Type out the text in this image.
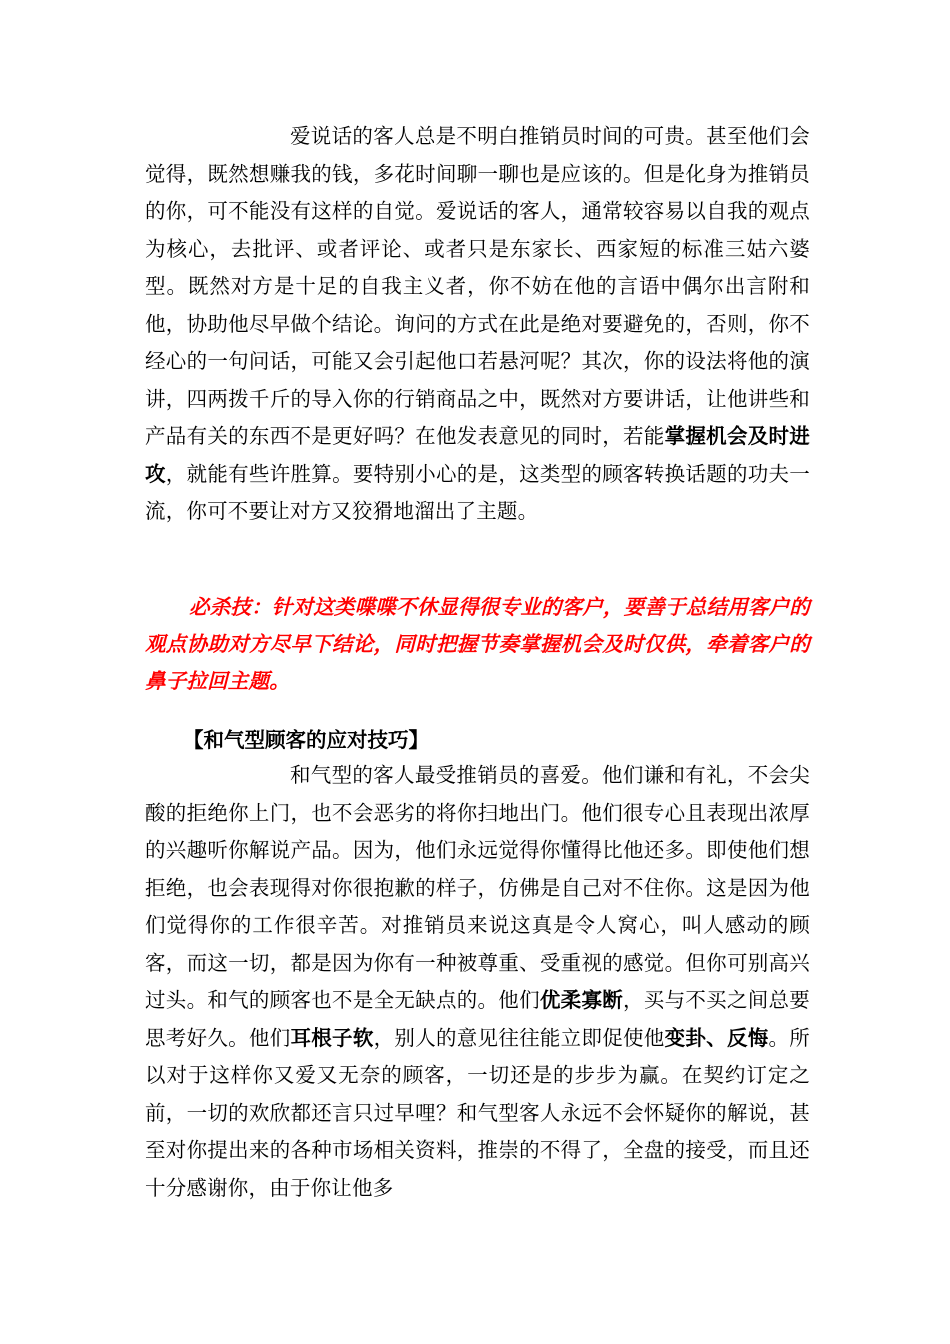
爱说话的客人总是不明白推销员时间的可贵。甚至他们会觉得，既然想赚我的钱，多花时间聊一聊也是应该的。但是化身为推销员的你，可不能没有这样的自觉。爱说话的客人，通常较容易以自我的观点为核心，去批评、或者评论、或者只是东家长、西家短的标准三姑六婆型。既然对方是十足的自我主义者，你不妨在他的言语中偶尔出言附和他，协助他尽早做个结论。询问的方式在此是绝对要避免的，否则，你不经心的一句问话，可能又会引起他口若悬河呢？其次，你的设法将他的演讲，四两拨千斤的导入你的行销商品之中，既然对方要讲话，让他讲些和产品有关的东西不是更好吗？在他发表意见的同时，若能掌握机会及时进攻，就能有些许胜算。要特别小心的是，这类型的顾客转换话题的功夫一流，你可不要让对方又狡猾地溜出了主题。

必杀技：针对这类喋喋不休显得很专业的客户，要善于总结用客户的观点协助对方尽早下结论，同时把握节奏掌握机会及时仅供，牵着客户的鼻子拉回主题。

【和气型顾客的应对技巧】

和气型的客人最受推销员的喜爱。他们谦和有礼，不会尖酸的拒绝你上门，也不会恶劣的将你扫地出门。他们很专心且表现出浓厚的兴趣听你解说产品。因为，他们永远觉得你懂得比他还多。即使他们想拒绝，也会表现得对你很抱歉的样子，仿佛是自己对不住你。这是因为他们觉得你的工作很辛苦。对推销员来说这真是令人窝心，叫人感动的顾客，而这一切，都是因为你有一种被尊重、受重视的感觉。但你可别高兴过头。和气的顾客也不是全无缺点的。他们优柔寡断，买与不买之间总要思考好久。他们耳根子软，别人的意见往往能立即促使他变卦、反悔。所以对于这样你又爱又无奈的顾客，一切还是的步步为赢。在契约订定之前，一切的欢欣都还言只过早哩？和气型客人永远不会怀疑你的解说，甚至对你提出来的各种市场相关资料，推崇的不得了，全盘的接受，而且还十分感谢你，由于你让他多
